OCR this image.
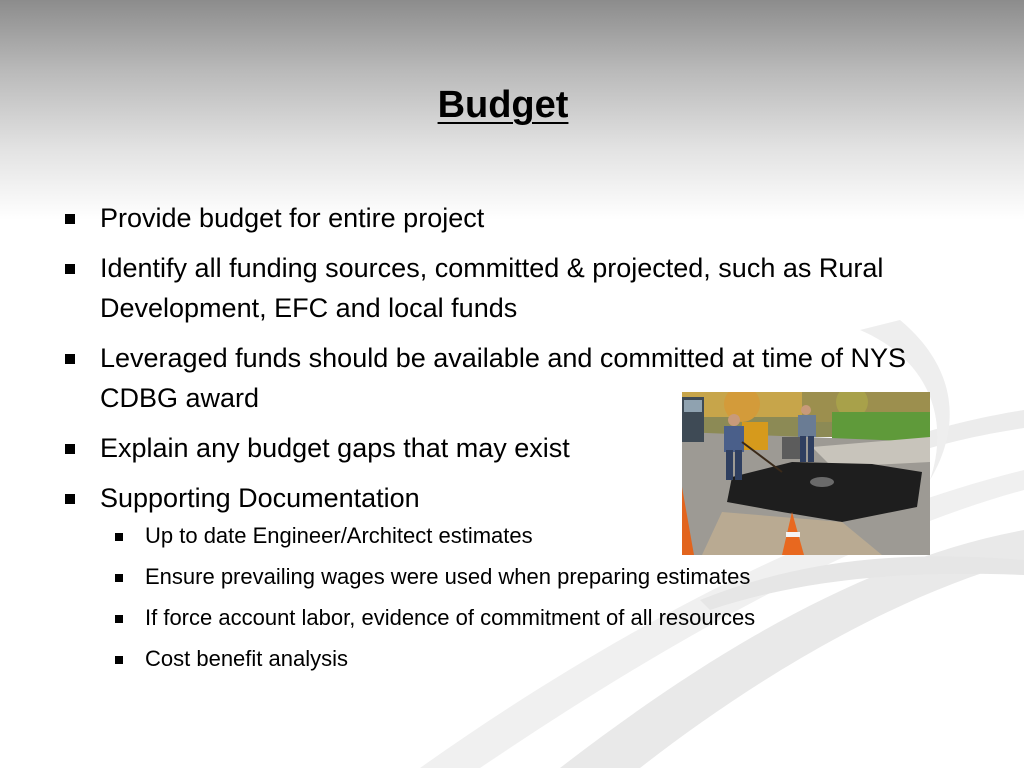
Budget
Provide budget for entire project
Identify all funding sources, committed & projected, such as Rural Development, EFC and local funds
Leveraged funds should be available and committed at time of NYS CDBG award
Explain any budget gaps that may exist
Supporting Documentation
Up to date Engineer/Architect estimates
Ensure prevailing wages were used when preparing estimates
If force account labor, evidence of commitment of all resources
Cost benefit analysis
